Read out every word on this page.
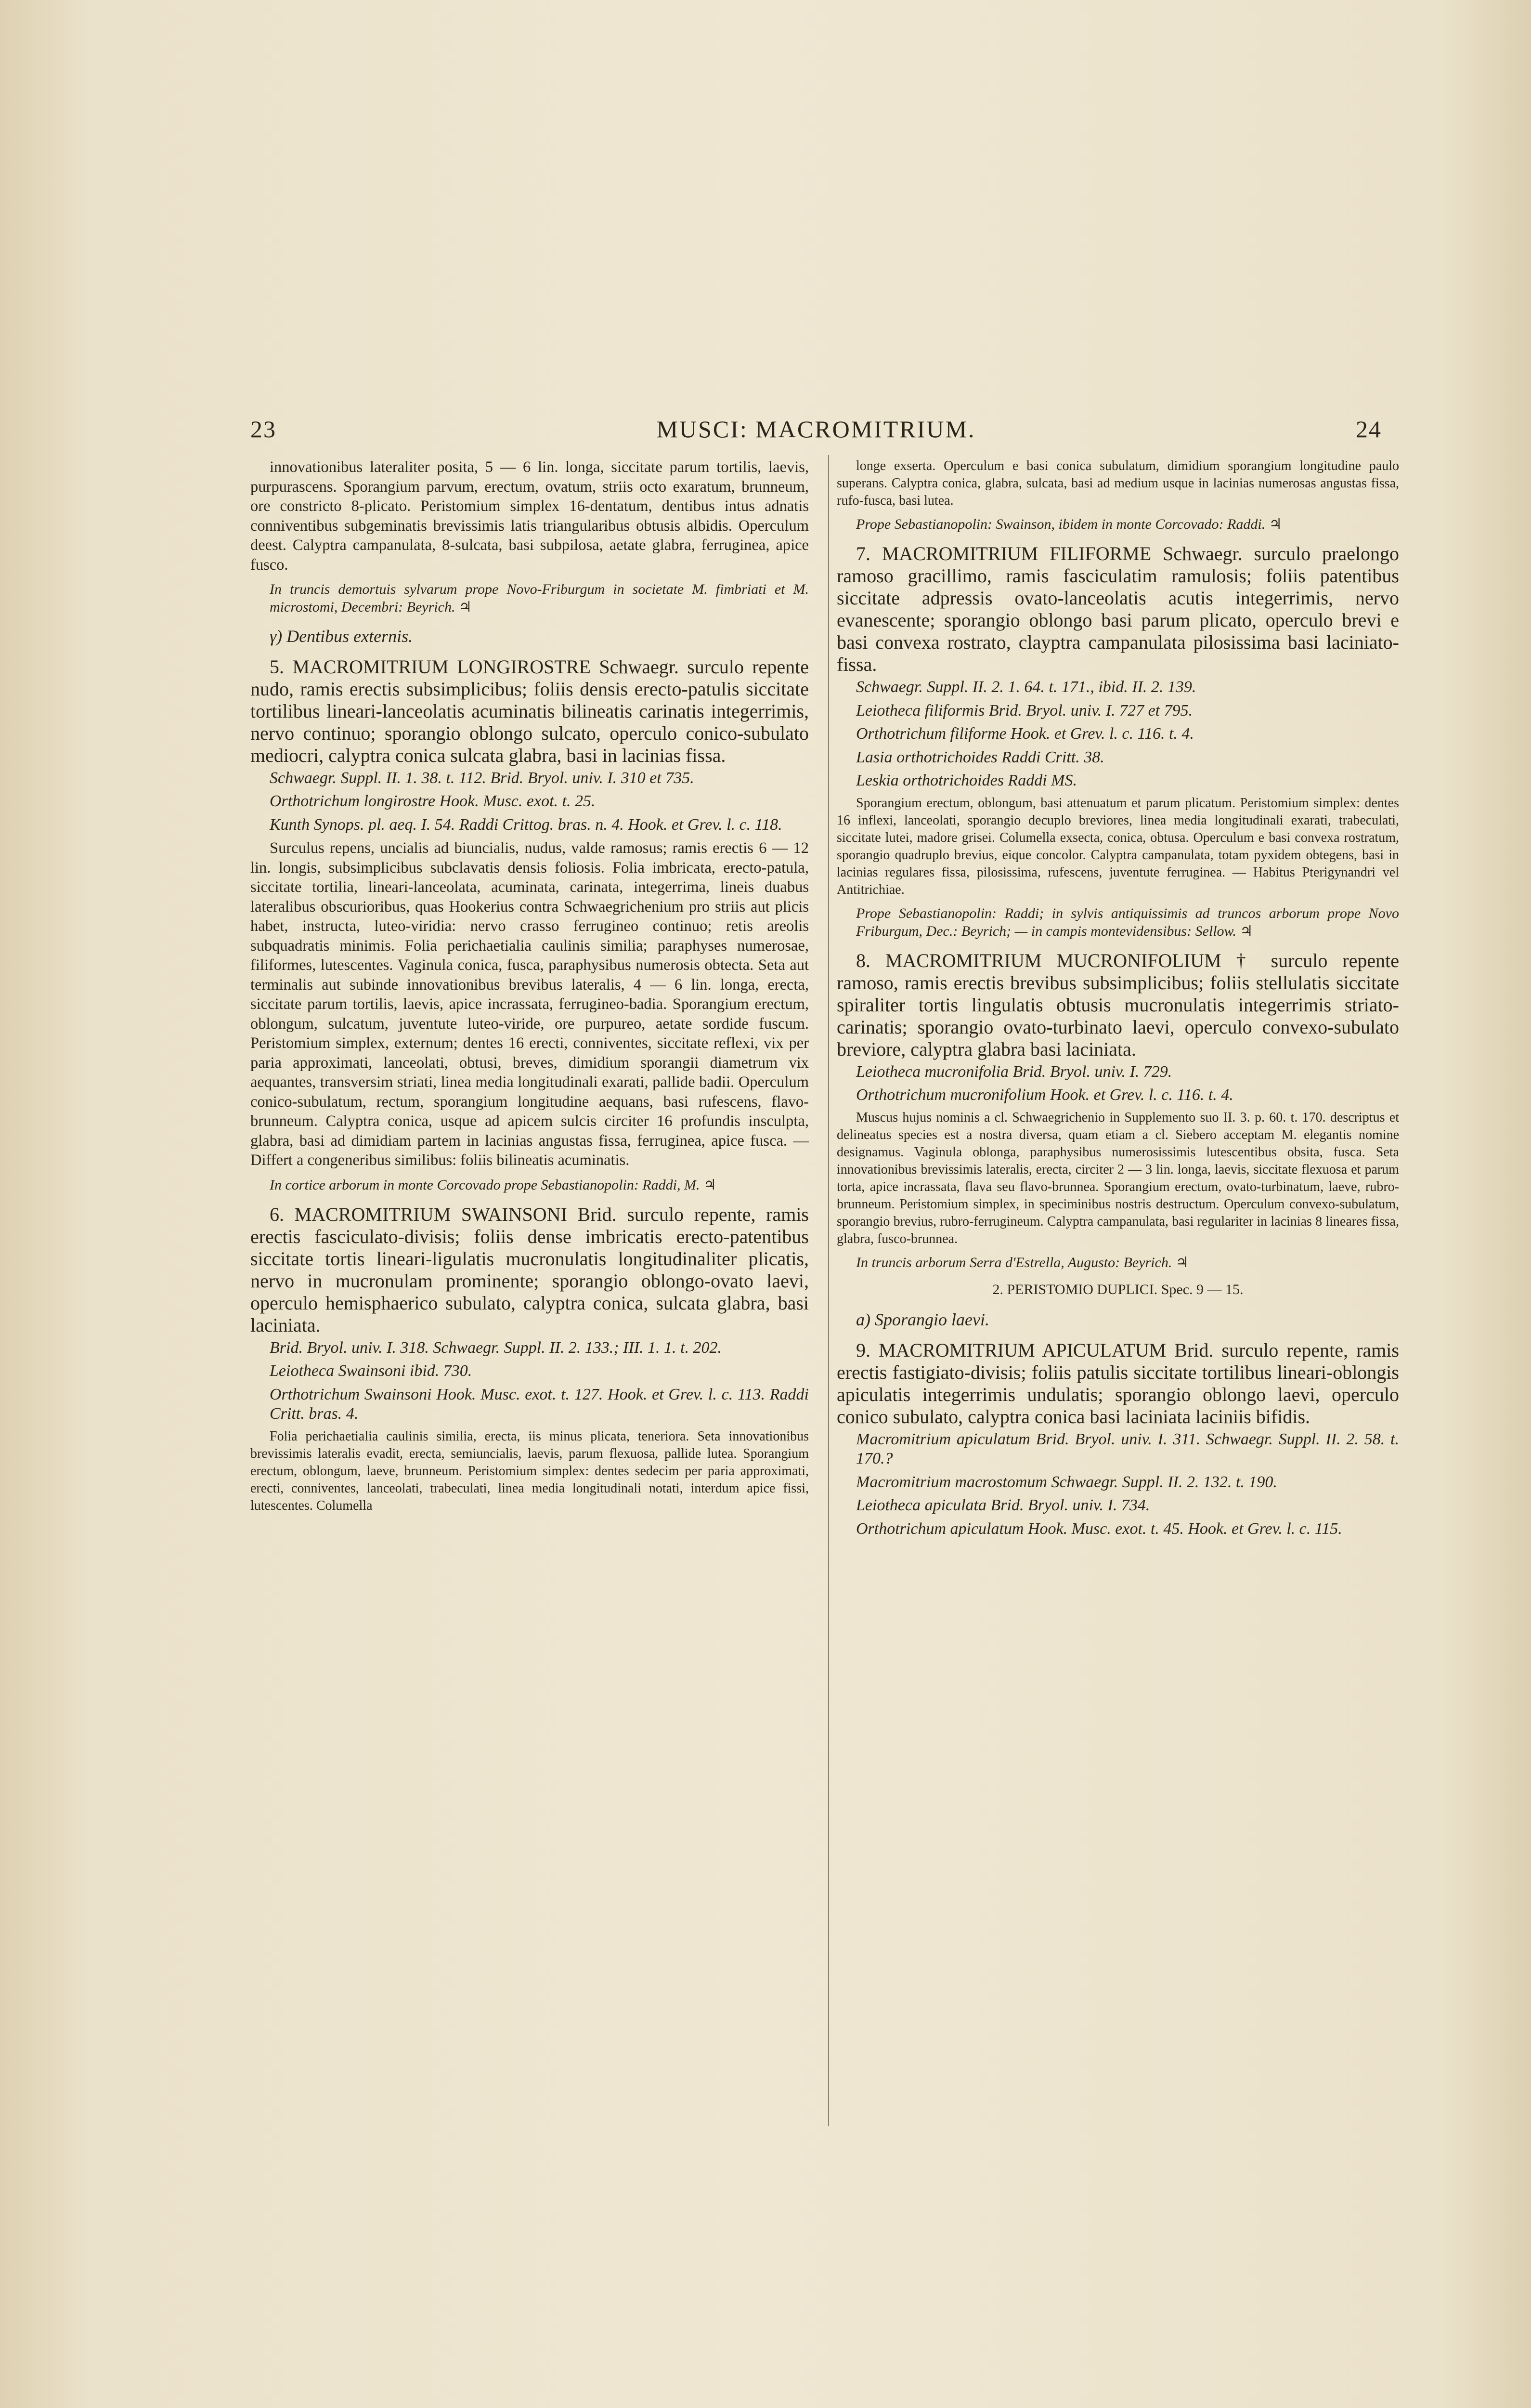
23	MUSCI: MACROMITRIUM.	24

innovationibus lateraliter posita, 5 — 6 lin. longa, siccitate parum tortilis, laevis, purpurascens. Sporangium parvum, erectum, ovatum, striis octo exaratum, brunneum, ore constricto 8-plicato. Peristomium simplex 16-dentatum, dentibus intus adnatis conniventibus subgeminatis brevissimis latis triangularibus obtusis albidis. Operculum deest. Calyptra campanulata, 8-sulcata, basi subpilosa, aetate glabra, ferruginea, apice fusco.

In truncis demortuis sylvarum prope Novo-Friburgum in societate M. fimbriati et M. microstomi, Decembri: Beyrich. ♃

γ) Dentibus externis.

5. MACROMITRIUM LONGIROSTRE Schwaegr. surculo repente nudo, ramis erectis subsimplicibus; foliis densis erecto-patulis siccitate tortilibus lineari-lanceolatis acuminatis bilineatis carinatis integerrimis, nervo continuo; sporangio oblongo sulcato, operculo conico-subulato mediocri, calyptra conica sulcata glabra, basi in lacinias fissa.

Schwaegr. Suppl. II. 1. 38. t. 112. Brid. Bryol. univ. I. 310 et 735.

Orthotrichum longirostre Hook. Musc. exot. t. 25.

Kunth Synops. pl. aeq. I. 54. Raddi Crittog. bras. n. 4. Hook. et Grev. l. c. 118.

Surculus repens, uncialis ad biuncialis, nudus, valde ramosus; ramis erectis 6 — 12 lin. longis, subsimplicibus subclavatis densis foliosis. Folia imbricata, erecto-patula, siccitate tortilia, lineari-lanceolata, acuminata, carinata, integerrima, lineis duabus lateralibus obscurioribus, quas Hookerius contra Schwaegrichenium pro striis aut plicis habet, instructa, luteo-viridia: nervo crasso ferrugineo continuo; retis areolis subquadratis minimis. Folia perichaetialia caulinis similia; paraphyses numerosae, filiformes, lutescentes. Vaginula conica, fusca, paraphysibus numerosis obtecta. Seta aut terminalis aut subinde innovationibus brevibus lateralis, 4 — 6 lin. longa, erecta, siccitate parum tortilis, laevis, apice incrassata, ferrugineo-badia. Sporangium erectum, oblongum, sulcatum, juventute luteo-viride, ore purpureo, aetate sordide fuscum. Peristomium simplex, externum; dentes 16 erecti, conniventes, siccitate reflexi, vix per paria approximati, lanceolati, obtusi, breves, dimidium sporangii diametrum vix aequantes, transversim striati, linea media longitudinali exarati, pallide badii. Operculum conico-subulatum, rectum, sporangium longitudine aequans, basi rufescens, flavo-brunneum. Calyptra conica, usque ad apicem sulcis circiter 16 profundis insculpta, glabra, basi ad dimidiam partem in lacinias angustas fissa, ferruginea, apice fusca. — Differt a congeneribus similibus: foliis bilineatis acuminatis.

In cortice arborum in monte Corcovado prope Sebastianopolin: Raddi, M. ♃

6. MACROMITRIUM SWAINSONI Brid. surculo repente, ramis erectis fasciculato-divisis; foliis dense imbricatis erecto-patentibus siccitate tortis lineari-ligulatis mucronulatis longitudinaliter plicatis, nervo in mucronulam prominente; sporangio oblongo-ovato laevi, operculo hemisphaerico subulato, calyptra conica, sulcata glabra, basi laciniata.

Brid. Bryol. univ. I. 318. Schwaegr. Suppl. II. 2. 133.; III. 1. 1. t. 202.

Leiotheca Swainsoni ibid. 730.

Orthotrichum Swainsoni Hook. Musc. exot. t. 127. Hook. et Grev. l. c. 113. Raddi Critt. bras. 4.

Folia perichaetialia caulinis similia, erecta, iis minus plicata, teneriora. Seta innovationibus brevissimis lateralis evadit, erecta, semiuncialis, laevis, parum flexuosa, pallide lutea. Sporangium erectum, oblongum, laeve, brunneum. Peristomium simplex: dentes sedecim per paria approximati, erecti, conniventes, lanceolati, trabeculati, linea media longitudinali notati, interdum apice fissi, lutescentes. Columella

longe exserta. Operculum e basi conica subulatum, dimidium sporangium longitudine paulo superans. Calyptra conica, glabra, sulcata, basi ad medium usque in lacinias numerosas angustas fissa, rufo-fusca, basi lutea.

Prope Sebastianopolin: Swainson, ibidem in monte Corcovado: Raddi. ♃

7. MACROMITRIUM FILIFORME Schwaegr. surculo praelongo ramoso gracillimo, ramis fasciculatim ramulosis; foliis patentibus siccitate adpressis ovato-lanceolatis acutis integerrimis, nervo evanescente; sporangio oblongo basi parum plicato, operculo brevi e basi convexa rostrato, clayptra campanulata pilosissima basi laciniato-fissa.

Schwaegr. Suppl. II. 2. 1. 64. t. 171., ibid. II. 2. 139.

Leiotheca filiformis Brid. Bryol. univ. I. 727 et 795.

Orthotrichum filiforme Hook. et Grev. l. c. 116. t. 4.

Lasia orthotrichoides Raddi Critt. 38.

Leskia orthotrichoides Raddi MS.

Sporangium erectum, oblongum, basi attenuatum et parum plicatum. Peristomium simplex: dentes 16 inflexi, lanceolati, sporangio decuplo breviores, linea media longitudinali exarati, trabeculati, siccitate lutei, madore grisei. Columella exsecta, conica, obtusa. Operculum e basi convexa rostratum, sporangio quadruplo brevius, eique concolor. Calyptra campanulata, totam pyxidem obtegens, basi in lacinias regulares fissa, pilosissima, rufescens, juventute ferruginea. — Habitus Pterigynandri vel Antitrichiae.

Prope Sebastianopolin: Raddi; in sylvis antiquissimis ad truncos arborum prope Novo Friburgum, Dec.: Beyrich; — in campis montevidensibus: Sellow. ♃

8. MACROMITRIUM MUCRONIFOLIUM † surculo repente ramoso, ramis erectis brevibus subsimplicibus; foliis stellulatis siccitate spiraliter tortis lingulatis obtusis mucronulatis integerrimis striato-carinatis; sporangio ovato-turbinato laevi, operculo convexo-subulato breviore, calyptra glabra basi laciniata.

Leiotheca mucronifolia Brid. Bryol. univ. I. 729.

Orthotrichum mucronifolium Hook. et Grev. l. c. 116. t. 4.

Muscus hujus nominis a cl. Schwaegrichenio in Supplemento suo II. 3. p. 60. t. 170. descriptus et delineatus species est a nostra diversa, quam etiam a cl. Siebero acceptam M. elegantis nomine designamus. Vaginula oblonga, paraphysibus numerosissimis lutescentibus obsita, fusca. Seta innovationibus brevissimis lateralis, erecta, circiter 2 — 3 lin. longa, laevis, siccitate flexuosa et parum torta, apice incrassata, flava seu flavo-brunnea. Sporangium erectum, ovato-turbinatum, laeve, rubro-brunneum. Peristomium simplex, in speciminibus nostris destructum. Operculum convexo-subulatum, sporangio brevius, rubro-ferrugineum. Calyptra campanulata, basi regulariter in lacinias 8 lineares fissa, glabra, fusco-brunnea.

In truncis arborum Serra d'Estrella, Augusto: Beyrich. ♃

2. PERISTOMIO DUPLICI. Spec. 9 — 15.

a) Sporangio laevi.

9. MACROMITRIUM APICULATUM Brid. surculo repente, ramis erectis fastigiato-divisis; foliis patulis siccitate tortilibus lineari-oblongis apiculatis integerrimis undulatis; sporangio oblongo laevi, operculo conico subulato, calyptra conica basi laciniata laciniis bifidis.

Macromitrium apiculatum Brid. Bryol. univ. I. 311. Schwaegr. Suppl. II. 2. 58. t. 170.?

Macromitrium macrostomum Schwaegr. Suppl. II. 2. 132. t. 190.

Leiotheca apiculata Brid. Bryol. univ. I. 734.

Orthotrichum apiculatum Hook. Musc. exot. t. 45. Hook. et Grev. l. c. 115.
